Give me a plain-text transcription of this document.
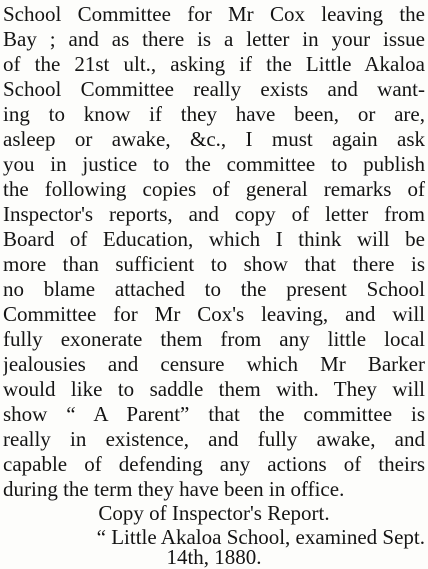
School Committee for Mr Cox leaving the
Bay ; and as there is a letter in your issue
of the 21st ult., asking if the Little Akaloa
School Committee really exists and want-
ing to know if they have been, or are,
asleep or awake, &c., I must again ask
you in justice to the committee to publish
the following copies of general remarks of
Inspector's reports, and copy of letter from
Board of Education, which I think will be
more than sufficient to show that there is
no blame attached to the present School
Committee for Mr Cox's leaving, and will
fully exonerate them from any little local
jealousies and censure which Mr Barker
would like to saddle them with. They will
show “ A Parent” that the committee is
really in existence, and fully awake, and
capable of defending any actions of theirs
during the term they have been in office.
Copy of Inspector's Report.
“ Little Akaloa School, examined Sept.
14th, 1880.
